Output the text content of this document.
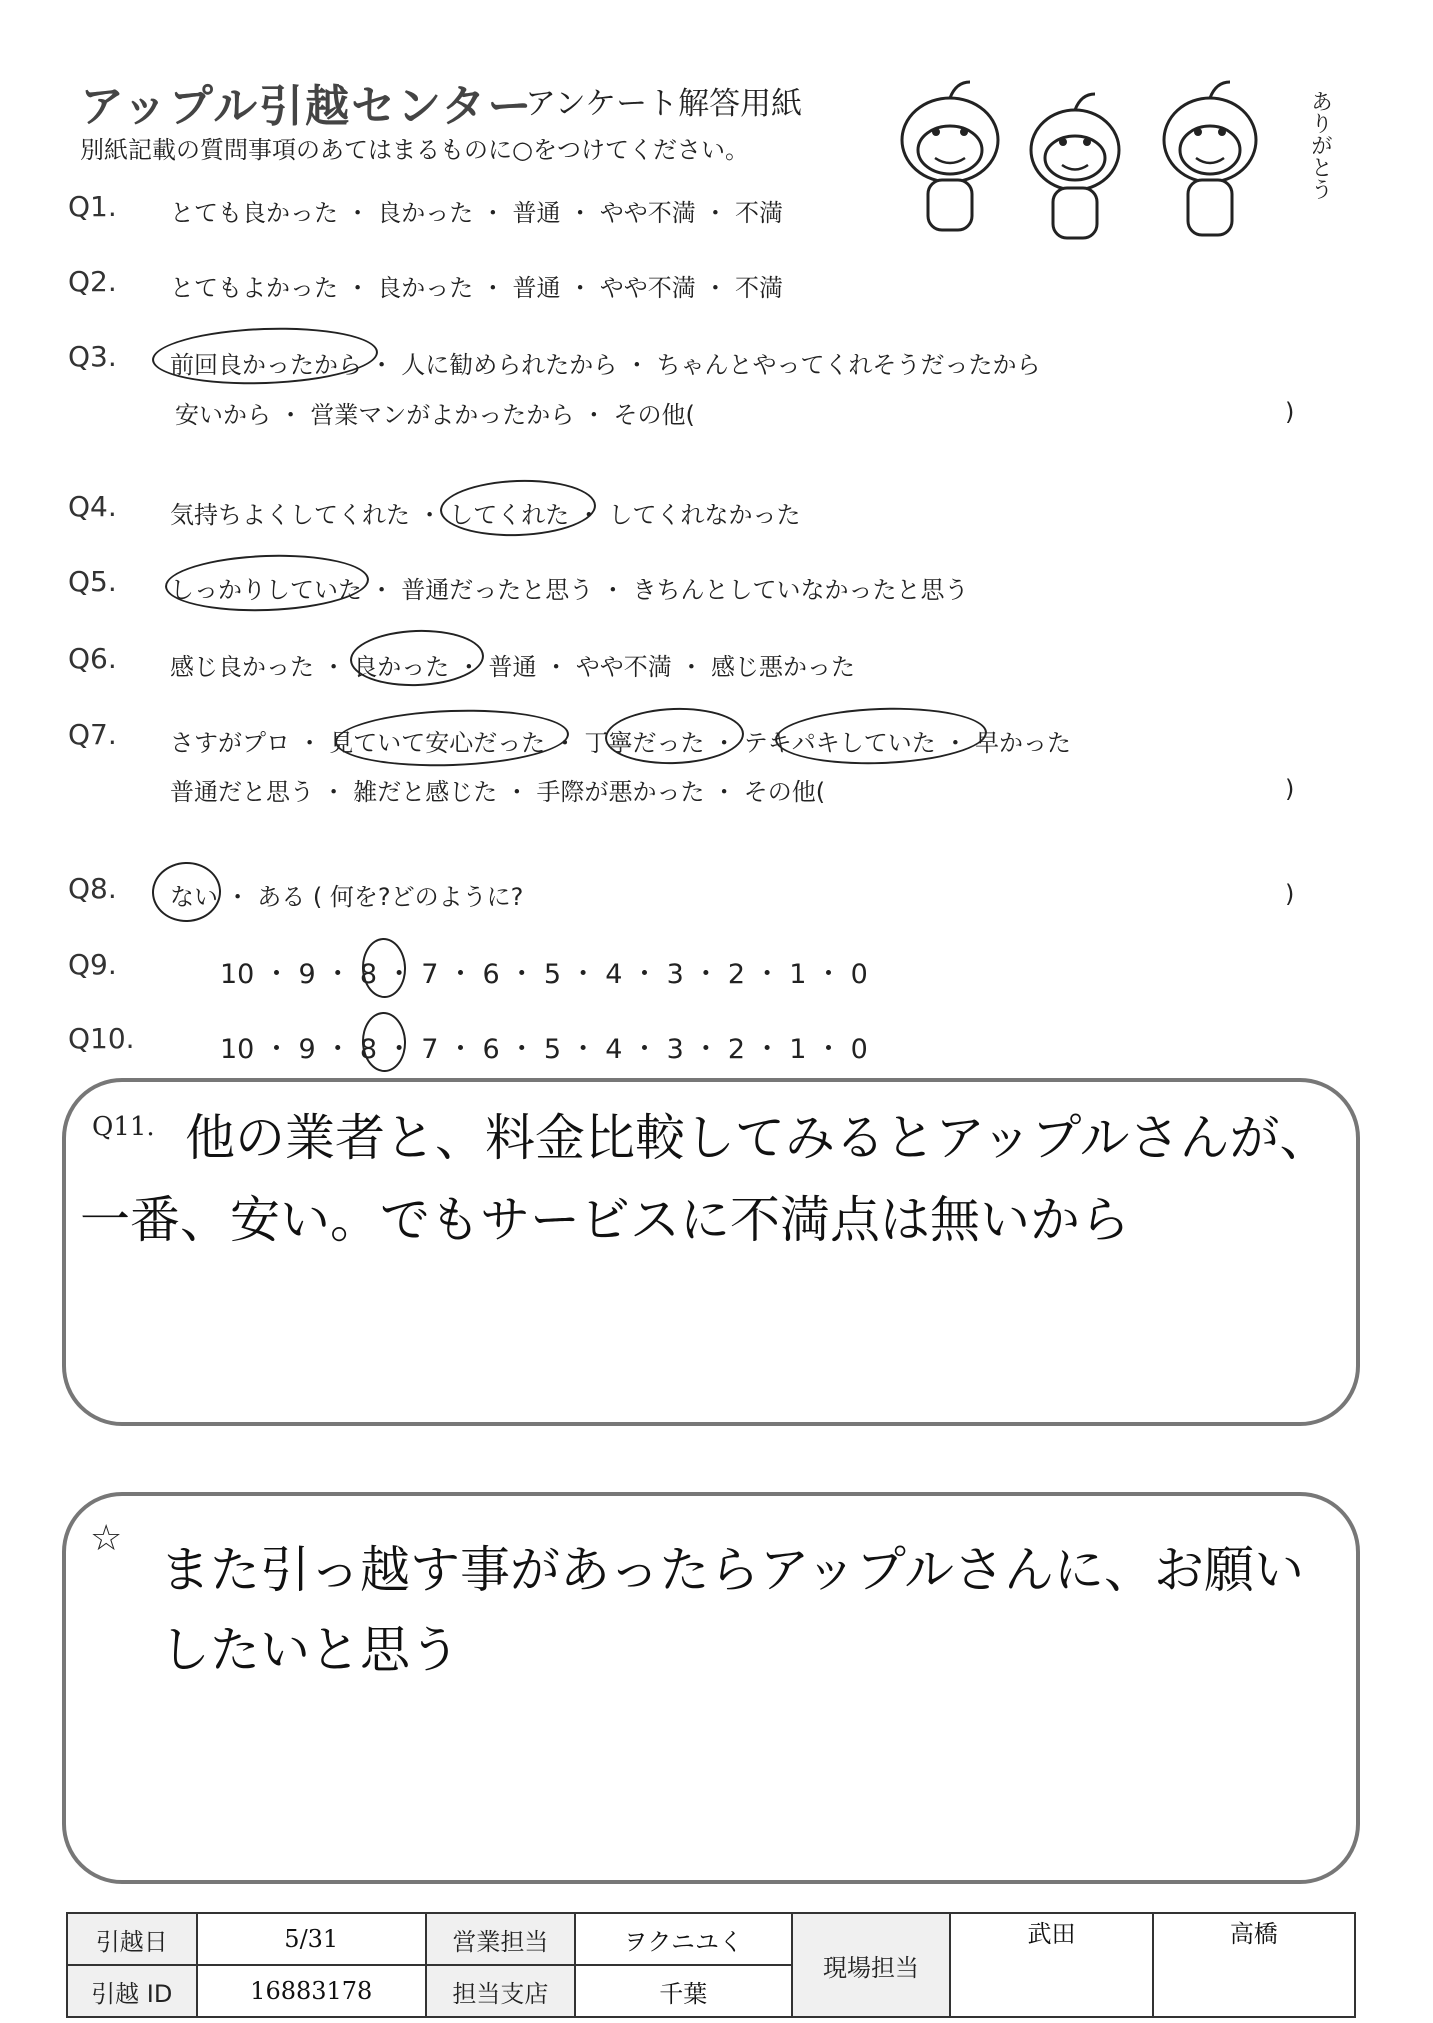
アップル引越センター
アンケート解答用紙
別紙記載の質問事項のあてはまるものに○をつけてください。	ありがとう
Q1. とても良かった ・ 良かった ・ 普通 ・ やや不満 ・ 不満
Q2. とてもよかった ・ 良かった ・ 普通 ・ やや不満 ・ 不満
Q3. 前回良かったから ・ 人に勧められたから ・ ちゃんとやってくれそうだったから
安いから ・ 営業マンがよかったから ・ その他(	)
Q4. 気持ちよくしてくれた ・ してくれた ・ してくれなかった
Q5. しっかりしていた ・ 普通だったと思う ・ きちんとしていなかったと思う
Q6. 感じ良かった ・ 良かった ・ 普通 ・ やや不満 ・ 感じ悪かった
Q7. さすがプロ ・ 見ていて安心だった ・ 丁寧だった ・ テキパキしていた ・ 早かった
普通だと思う ・ 雑だと感じた ・ 手際が悪かった ・ その他(	)
Q8. ない ・ ある ( 何を?どのように?	)
Q9.	10 ・ 9 ・ 8 ・ 7 ・ 6 ・ 5 ・ 4 ・ 3 ・ 2 ・ 1 ・ 0
Q10.	10 ・ 9 ・ 8 ・ 7 ・ 6 ・ 5 ・ 4 ・ 3 ・ 2 ・ 1 ・ 0
Q11. 他の業者と、料金比較してみるとアップルさんが、
一番、安い。でもサービスに不満点は無いから
☆
また引っ越す事があったらアップルさんに、お願い
したいと思う
引越日	5/31	営業担当	ヲクニユく	現場担当	武田	高橋
引越 ID	16883178	担当支店	千葉			
